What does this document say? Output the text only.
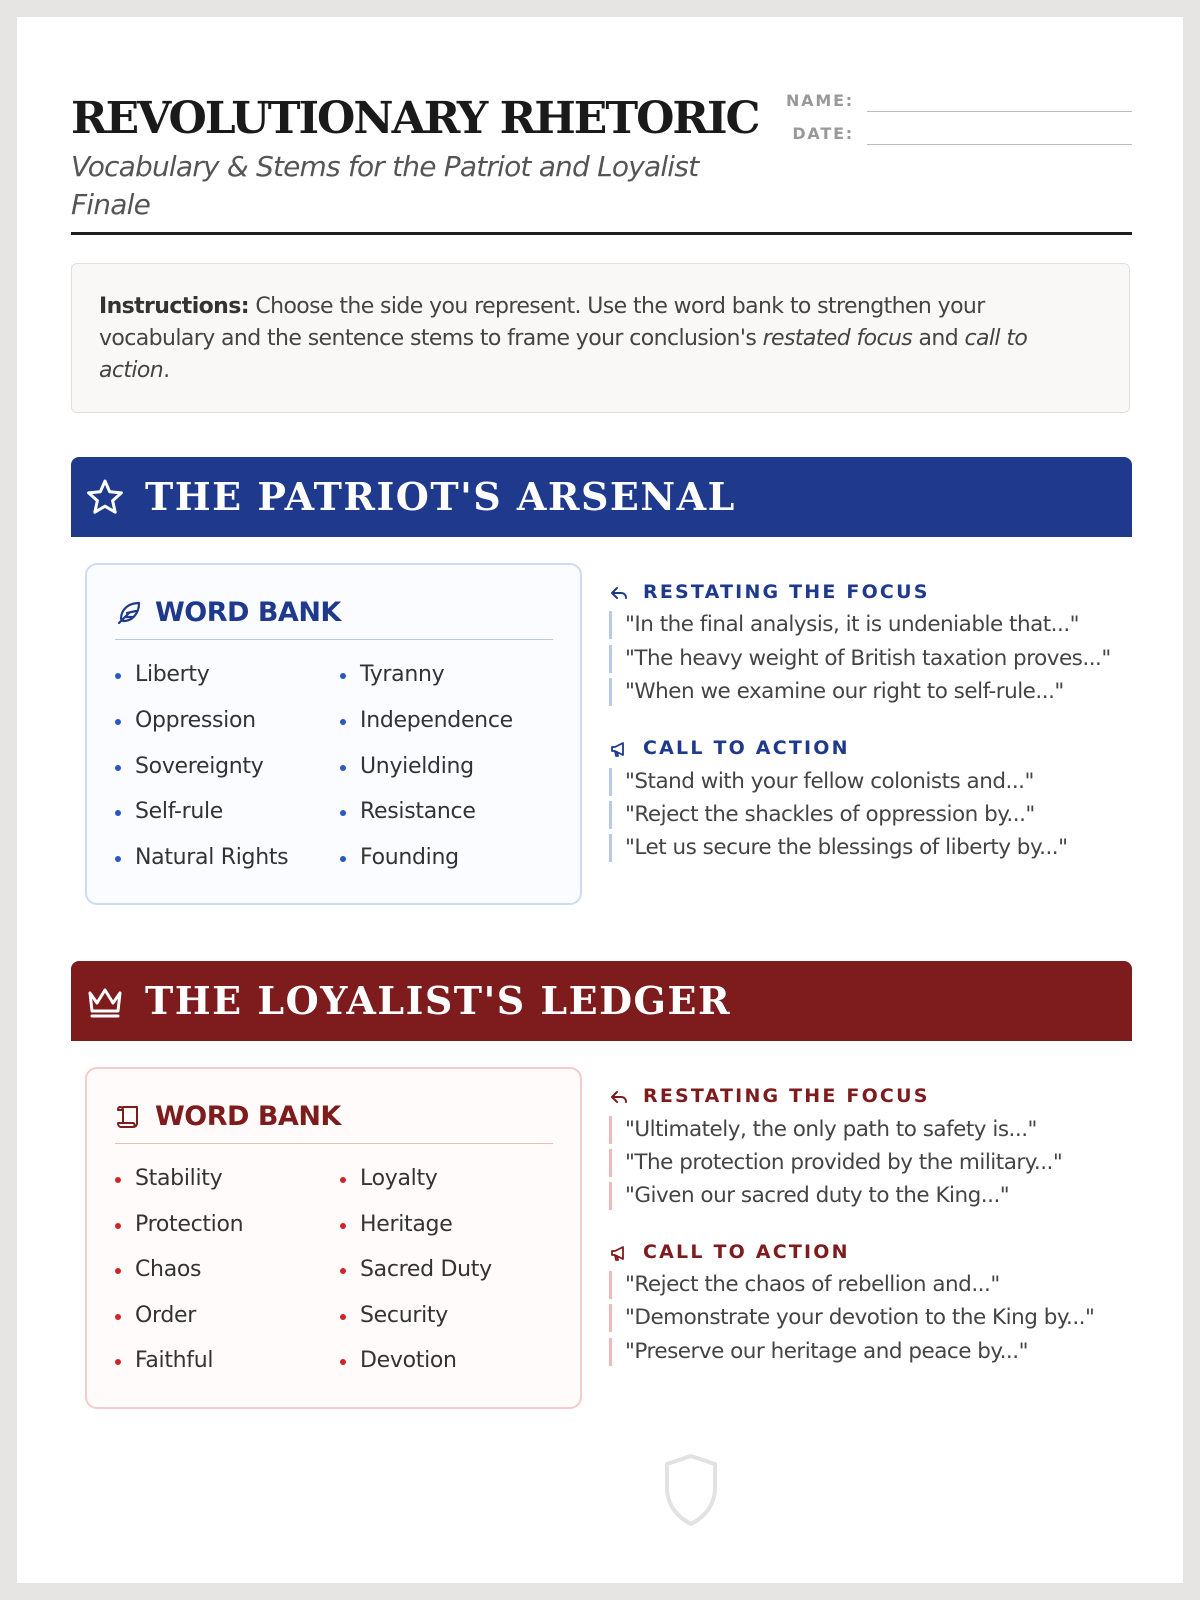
REVOLUTIONARY RHETORIC
Vocabulary & Stems for the Patriot and Loyalist Finale
NAME:
DATE:
Instructions: Choose the side you represent. Use the word bank to strengthen your vocabulary and the sentence stems to frame your conclusion's restated focus and call to action.
THE PATRIOT'S ARSENAL
WORD BANK
Liberty	Tyranny
Oppression	Independence
Sovereignty	Unyielding
Self-rule	Resistance
Natural Rights	Founding
RESTATING THE FOCUS
"In the final analysis, it is undeniable that..."
"The heavy weight of British taxation proves..."
"When we examine our right to self-rule..."
CALL TO ACTION
"Stand with your fellow colonists and..."
"Reject the shackles of oppression by..."
"Let us secure the blessings of liberty by..."
THE LOYALIST'S LEDGER
WORD BANK
Stability	Loyalty
Protection	Heritage
Chaos	Sacred Duty
Order	Security
Faithful	Devotion
RESTATING THE FOCUS
"Ultimately, the only path to safety is..."
"The protection provided by the military..."
"Given our sacred duty to the King..."
CALL TO ACTION
"Reject the chaos of rebellion and..."
"Demonstrate your devotion to the King by..."
"Preserve our heritage and peace by..."
